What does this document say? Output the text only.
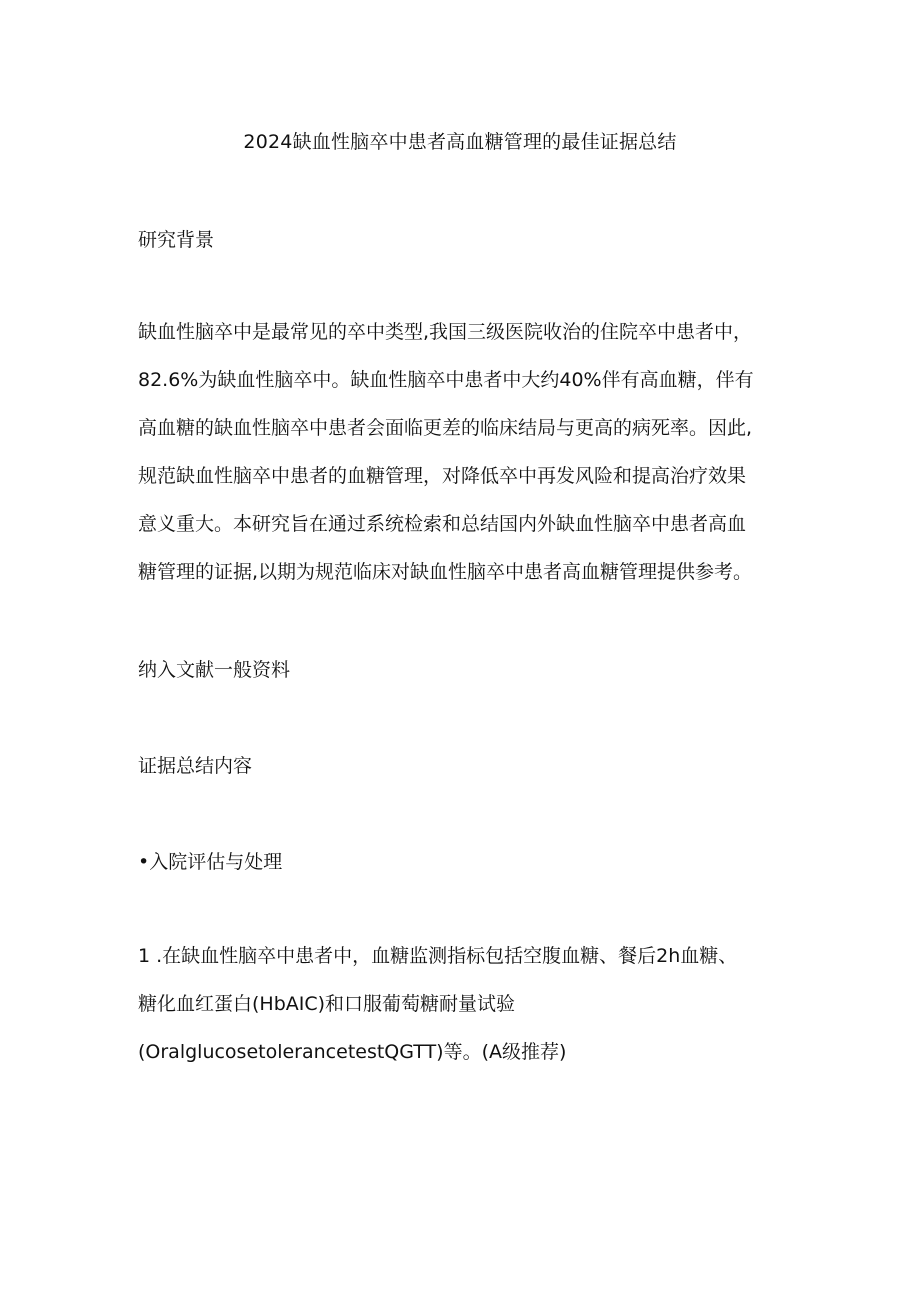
2024缺血性脑卒中患者高血糖管理的最佳证据总结
研究背景
缺血性脑卒中是最常见的卒中类型,我国三级医院收治的住院卒中患者中，
82.6%为缺血性脑卒中。缺血性脑卒中患者中大约40%伴有高血糖，伴有
高血糖的缺血性脑卒中患者会面临更差的临床结局与更高的病死率。因此,
规范缺血性脑卒中患者的血糖管理，对降低卒中再发风险和提高治疗效果
意义重大。本研究旨在通过系统检索和总结国内外缺血性脑卒中患者高血
糖管理的证据,以期为规范临床对缺血性脑卒中患者高血糖管理提供参考。
纳入文献一般资料
证据总结内容
•入院评估与处理
1 .在缺血性脑卒中患者中，血糖监测指标包括空腹血糖、餐后2h血糖、
糖化血红蛋白(HbAIC)和口服葡萄糖耐量试验
(OralglucosetolerancetestQGTT)等。(A级推荐)
